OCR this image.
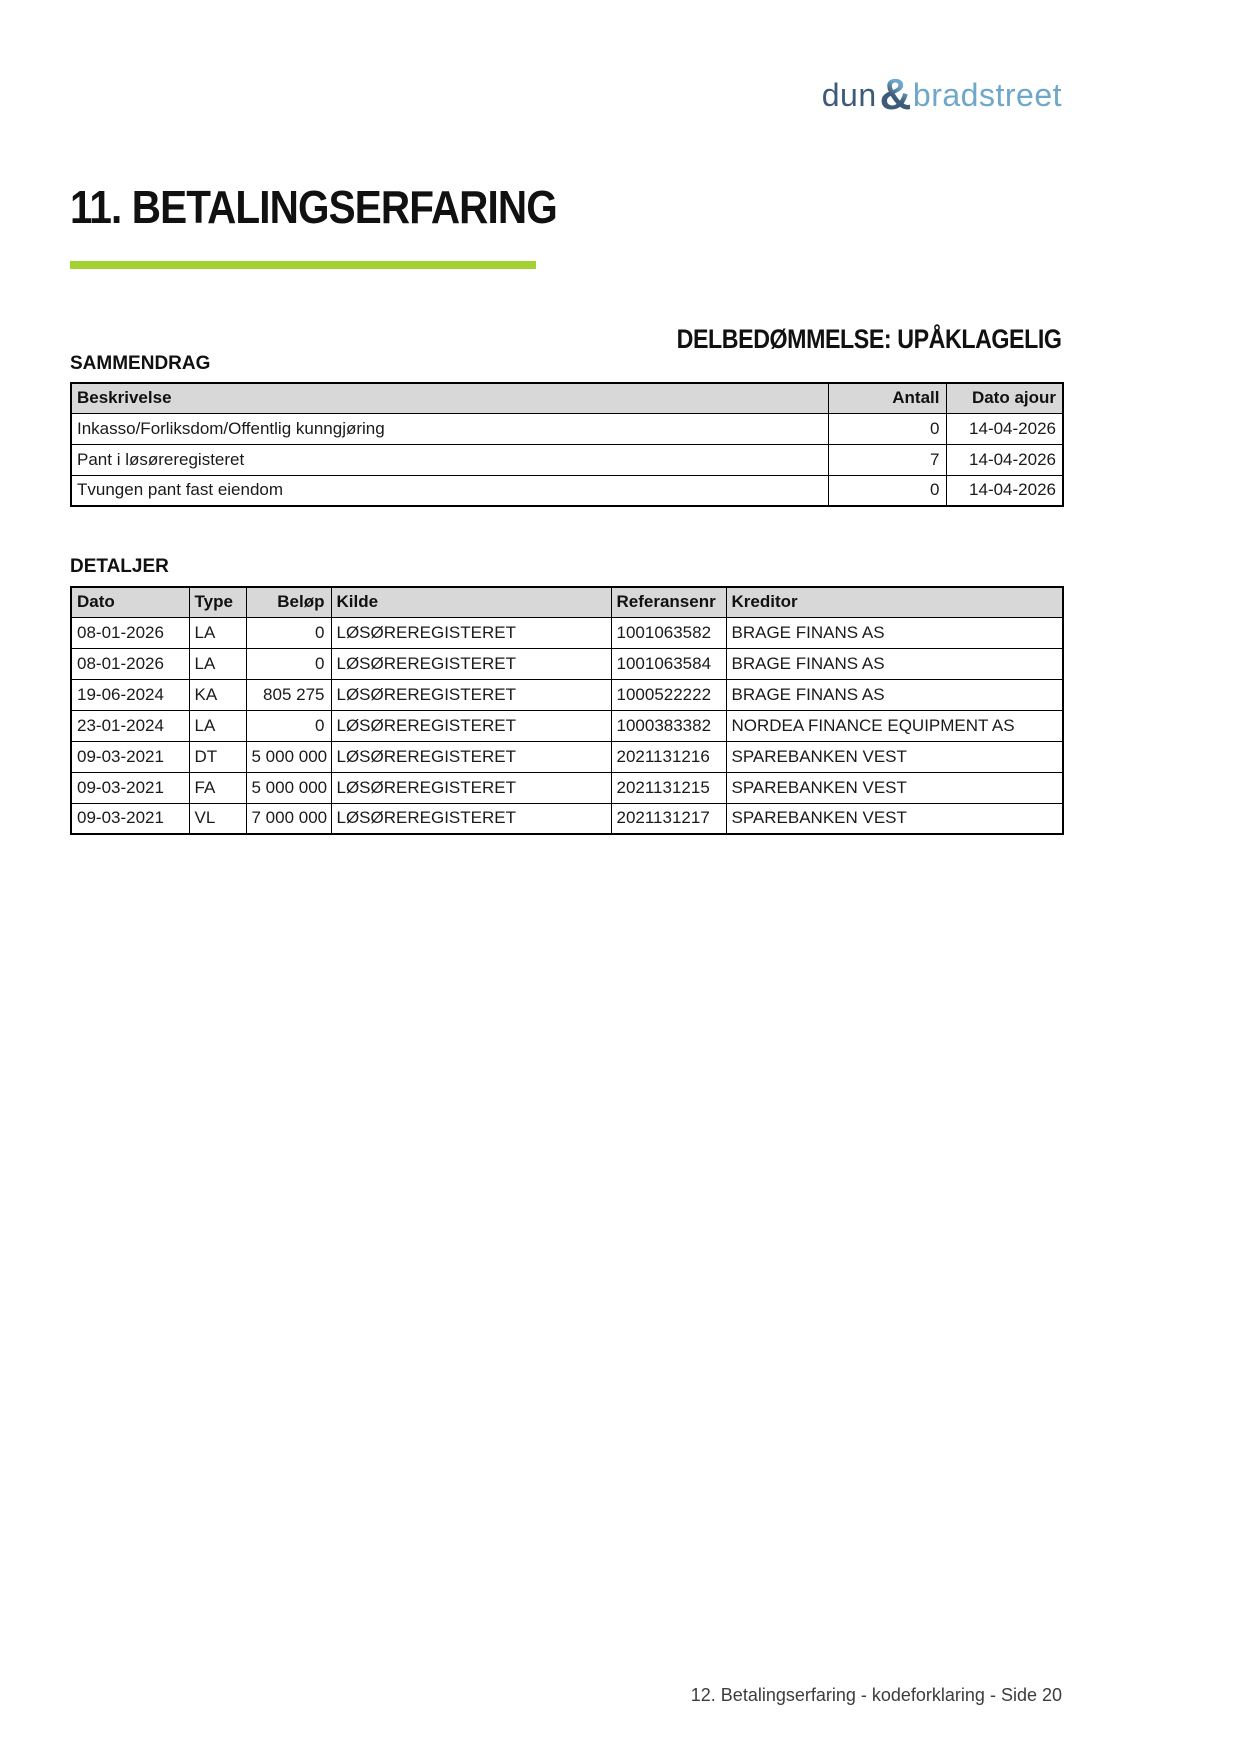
dun & bradstreet
11. BETALINGSERFARING
DELBEDØMMELSE: UPÅKLAGELIG
SAMMENDRAG
Beskrivelse	Antall	Dato ajour
Inkasso/Forliksdom/Offentlig kunngjøring	0	14-04-2026
Pant i løsøreregisteret	7	14-04-2026
Tvungen pant fast eiendom	0	14-04-2026
DETALJER
Dato	Type	Beløp	Kilde	Referansenr	Kreditor
08-01-2026	LA	0	LØSØREREGISTERET	1001063582	BRAGE FINANS AS
08-01-2026	LA	0	LØSØREREGISTERET	1001063584	BRAGE FINANS AS
19-06-2024	KA	805 275	LØSØREREGISTERET	1000522222	BRAGE FINANS AS
23-01-2024	LA	0	LØSØREREGISTERET	1000383382	NORDEA FINANCE EQUIPMENT AS
09-03-2021	DT	5 000 000	LØSØREREGISTERET	2021131216	SPAREBANKEN VEST
09-03-2021	FA	5 000 000	LØSØREREGISTERET	2021131215	SPAREBANKEN VEST
09-03-2021	VL	7 000 000	LØSØREREGISTERET	2021131217	SPAREBANKEN VEST
12. Betalingserfaring - kodeforklaring - Side 20
